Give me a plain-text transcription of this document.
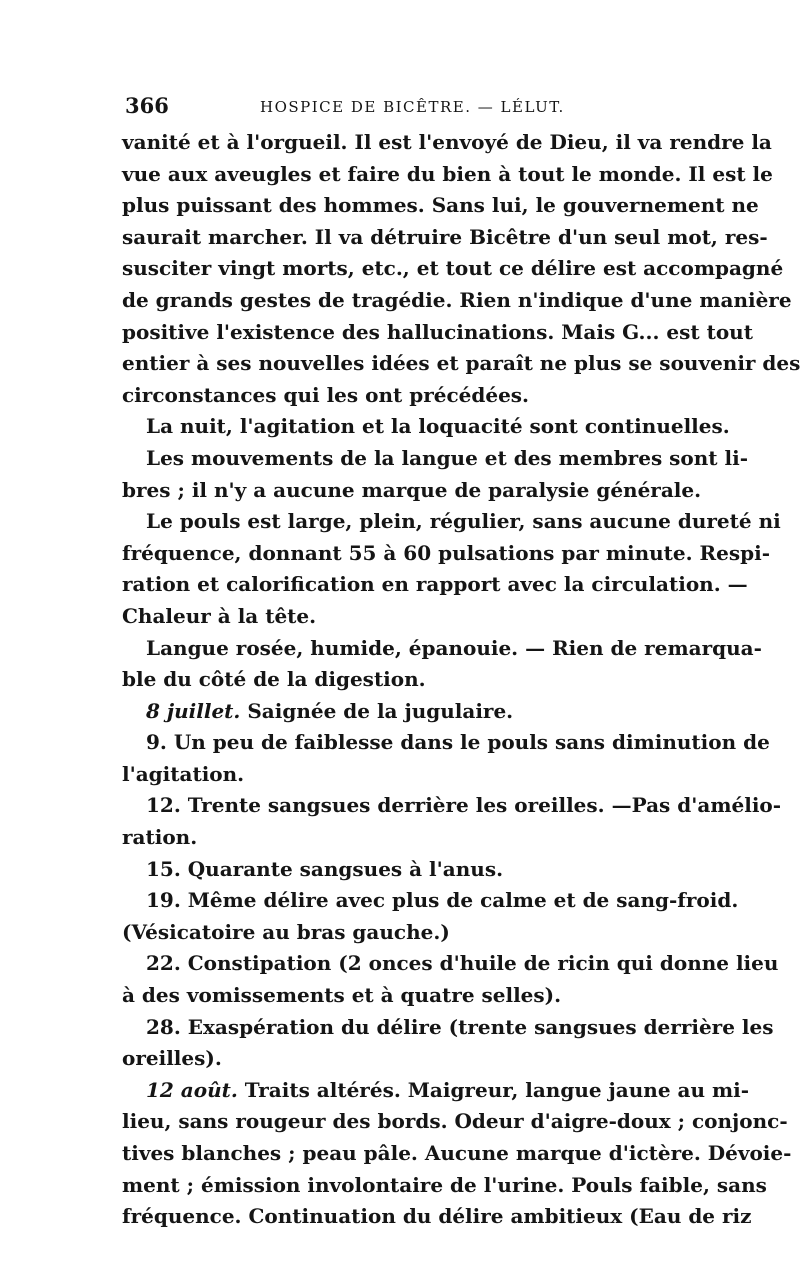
366	HOSPICE DE BICÊTRE. — LÉLUT.
vanité et à l'orgueil. Il est l'envoyé de Dieu, il va rendre la
vue aux aveugles et faire du bien à tout le monde. Il est le
plus puissant des hommes. Sans lui, le gouvernement ne
saurait marcher. Il va détruire Bicêtre d'un seul mot, res-
susciter vingt morts, etc., et tout ce délire est accompagné
de grands gestes de tragédie. Rien n'indique d'une manière
positive l'existence des hallucinations. Mais G... est tout
entier à ses nouvelles idées et paraît ne plus se souvenir des
circonstances qui les ont précédées.
La nuit, l'agitation et la loquacité sont continuelles.
Les mouvements de la langue et des membres sont li-
bres ; il n'y a aucune marque de paralysie générale.
Le pouls est large, plein, régulier, sans aucune dureté ni
fréquence, donnant 55 à 60 pulsations par minute. Respi-
ration et calorification en rapport avec la circulation. —
Chaleur à la tête.
Langue rosée, humide, épanouie. — Rien de remarqua-
ble du côté de la digestion.
8 juillet. Saignée de la jugulaire.
9. Un peu de faiblesse dans le pouls sans diminution de
l'agitation.
12. Trente sangsues derrière les oreilles. —Pas d'amélio-
ration.
15. Quarante sangsues à l'anus.
19. Même délire avec plus de calme et de sang-froid.
(Vésicatoire au bras gauche.)
22. Constipation (2 onces d'huile de ricin qui donne lieu
à des vomissements et à quatre selles).
28. Exaspération du délire (trente sangsues derrière les
oreilles).
12 août. Traits altérés. Maigreur, langue jaune au mi-
lieu, sans rougeur des bords. Odeur d'aigre-doux ; conjonc-
tives blanches ; peau pâle. Aucune marque d'ictère. Dévoie-
ment ; émission involontaire de l'urine. Pouls faible, sans
fréquence. Continuation du délire ambitieux (Eau de riz
